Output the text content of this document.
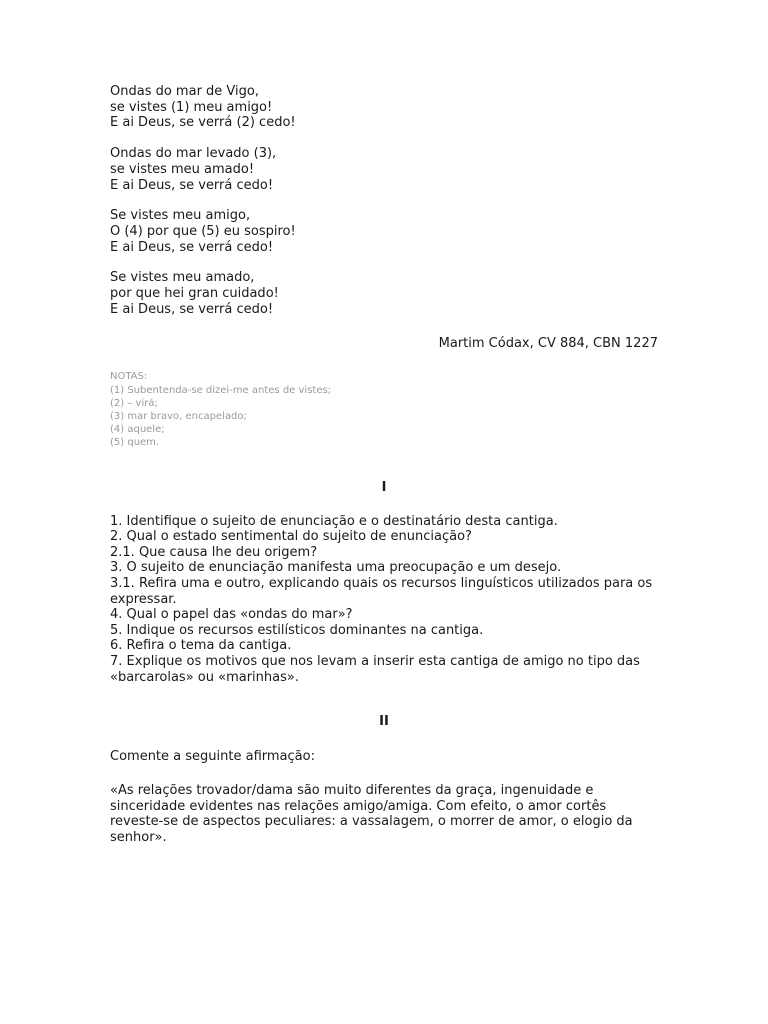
Ondas do mar de Vigo,
se vistes (1) meu amigo!
E ai Deus, se verrá (2) cedo!
Ondas do mar levado (3),
se vistes meu amado!
E ai Deus, se verrá cedo!
Se vistes meu amigo,
O (4) por que (5) eu sospiro!
E ai Deus, se verrá cedo!
Se vistes meu amado,
por que hei gran cuidado!
E ai Deus, se verrá cedo!
Martim Códax, CV 884, CBN 1227
NOTAS:
(1) Subentenda-se dizei-me antes de vistes;
(2) – virá;
(3) mar bravo, encapelado;
(4) aquele;
(5) quem.
I
1. Identifique o sujeito de enunciação e o destinatário desta cantiga.
2. Qual o estado sentimental do sujeito de enunciação?
2.1. Que causa lhe deu origem?
3. O sujeito de enunciação manifesta uma preocupação e um desejo.
3.1. Refira uma e outro, explicando quais os recursos linguísticos utilizados para os expressar.
4. Qual o papel das «ondas do mar»?
5. Indique os recursos estilísticos dominantes na cantiga.
6. Refira o tema da cantiga.
7. Explique os motivos que nos levam a inserir esta cantiga de amigo no tipo das «barcarolas» ou «marinhas».
II
Comente a seguinte afirmação:
«As relações trovador/dama são muito diferentes da graça, ingenuidade e sinceridade evidentes nas relações amigo/amiga. Com efeito, o amor cortês reveste-se de aspectos peculiares: a vassalagem, o morrer de amor, o elogio da senhor».
